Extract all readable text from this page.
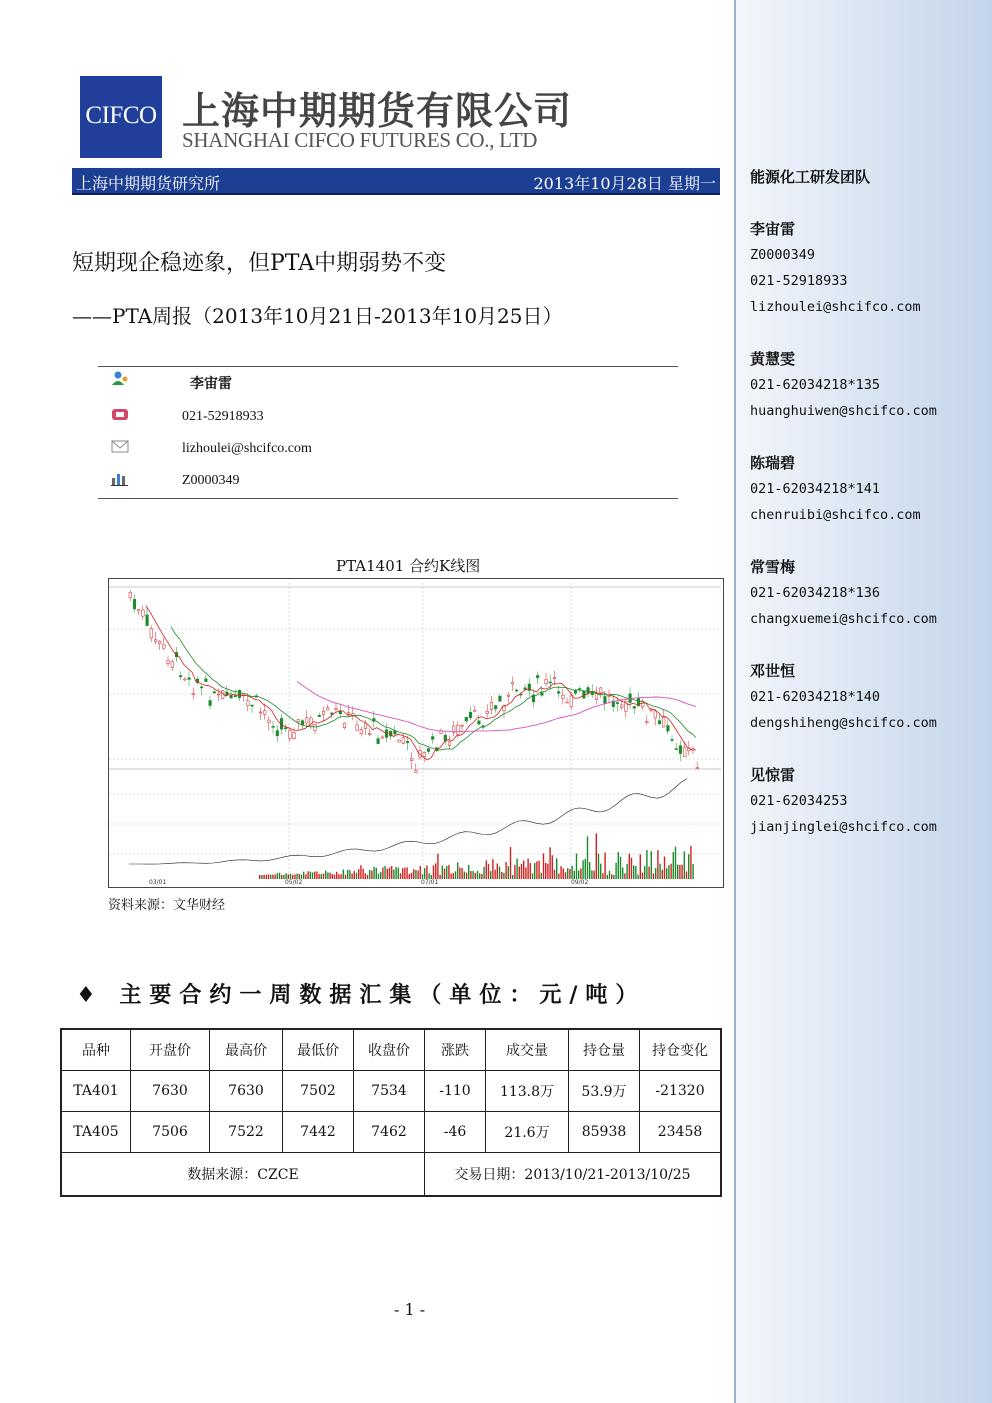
能源化工研发团队
李宙雷
Z0000349
021-52918933
lizhoulei@shcifco.com
黄慧雯
021-62034218*135
huanghuiwen@shcifco.com
陈瑞碧
021-62034218*141
chenruibi@shcifco.com
常雪梅
021-62034218*136
changxuemei@shcifco.com
邓世恒
021-62034218*140
dengshiheng@shcifco.com
见惊雷
021-62034253
jianjinglei@shcifco.com
CIFCO 上海中期期货有限公司
SHANGHAI CIFCO FUTURES CO., LTD
上海中期期货研究所	2013年10月28日 星期一
短期现企稳迹象，但PTA中期弱势不变
——PTA周报（2013年10月21日-2013年10月25日）
李宙雷
021-52918933
lizhoulei@shcifco.com
Z0000349
PTA1401 合约K线图
03/01	05/02	07/01	09/02
资料来源：文华财经
♦ 主要合约一周数据汇集（单位：元/吨）
品种	开盘价	最高价	最低价	收盘价	涨跌	成交量	持仓量	持仓变化
TA401	7630	7630	7502	7534	-110	113.8万	53.9万	-21320
TA405	7506	7522	7442	7462	-46	21.6万	85938	23458
数据来源：CZCE					交易日期：2013/10/21-2013/10/25			
- 1 -
